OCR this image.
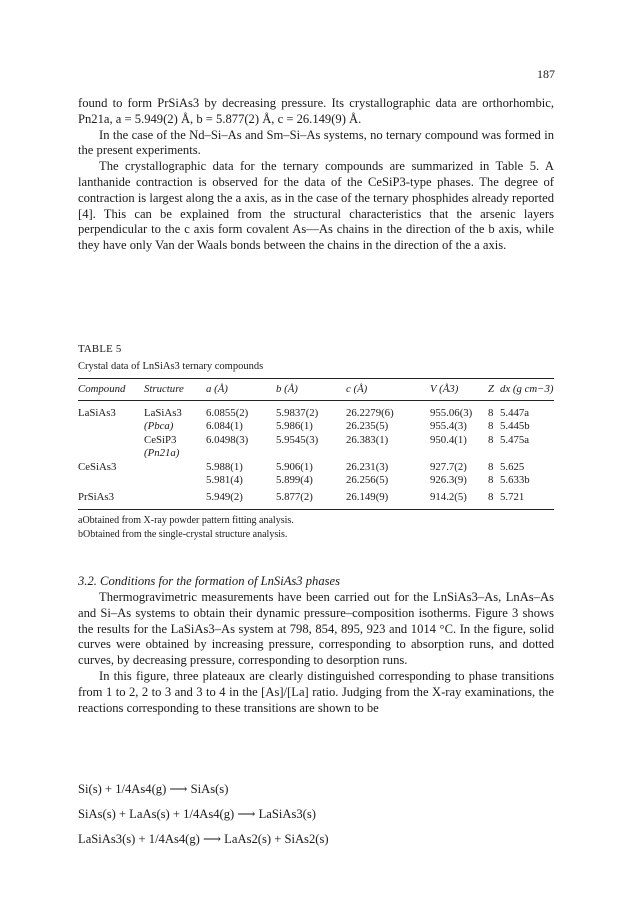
187

found to form PrSiAs3 by decreasing pressure. Its crystallographic data are orthorhombic, Pn21a, a = 5.949(2) Å, b = 5.877(2) Å, c = 26.149(9) Å.

In the case of the Nd–Si–As and Sm–Si–As systems, no ternary compound was formed in the present experiments.

The crystallographic data for the ternary compounds are summarized in Table 5. A lanthanide contraction is observed for the data of the CeSiP3-type phases. The degree of contraction is largest along the a axis, as in the case of the ternary phosphides already reported [4]. This can be explained from the structural characteristics that the arsenic layers perpendicular to the c axis form covalent As—As chains in the direction of the b axis, while they have only Van der Waals bonds between the chains in the direction of the a axis.

TABLE 5
Crystal data of LnSiAs3 ternary compounds
Compound	Structure	a (Å)	b (Å)	c (Å)	V (Å3)	Z	dx (g cm−3)

LaSiAs3	LaSiAs3	6.0855(2)	5.9837(2)	26.2279(6)	955.06(3)	8	5.447a
	(Pbca)	6.084(1)	5.986(1)	26.235(5)	955.4(3)	8	5.445b
	CeSiP3	6.0498(3)	5.9545(3)	26.383(1)	950.4(1)	8	5.475a
	(Pn21a)						
CeSiAs3		5.988(1)	5.906(1)	26.231(3)	927.7(2)	8	5.625
		5.981(4)	5.899(4)	26.256(5)	926.3(9)	8	5.633b
PrSiAs3		5.949(2)	5.877(2)	26.149(9)	914.2(5)	8	5.721
aObtained from X-ray powder pattern fitting analysis.
bObtained from the single-crystal structure analysis.
3.2. Conditions for the formation of LnSiAs3 phases

Thermogravimetric measurements have been carried out for the LnSiAs3–As, LnAs–As and Si–As systems to obtain their dynamic pressure–composition isotherms. Figure 3 shows the results for the LaSiAs3–As system at 798, 854, 895, 923 and 1014 °C. In the figure, solid curves were obtained by increasing pressure, corresponding to absorption runs, and dotted curves, by decreasing pressure, corresponding to desorption runs.

In this figure, three plateaux are clearly distinguished corresponding to phase transitions from 1 to 2, 2 to 3 and 3 to 4 in the [As]/[La] ratio. Judging from the X-ray examinations, the reactions corresponding to these transitions are shown to be

Si(s) + 1/4As4(g) ⟶ SiAs(s)
SiAs(s) + LaAs(s) + 1/4As4(g) ⟶ LaSiAs3(s)
LaSiAs3(s) + 1/4As4(g) ⟶ LaAs2(s) + SiAs2(s)
